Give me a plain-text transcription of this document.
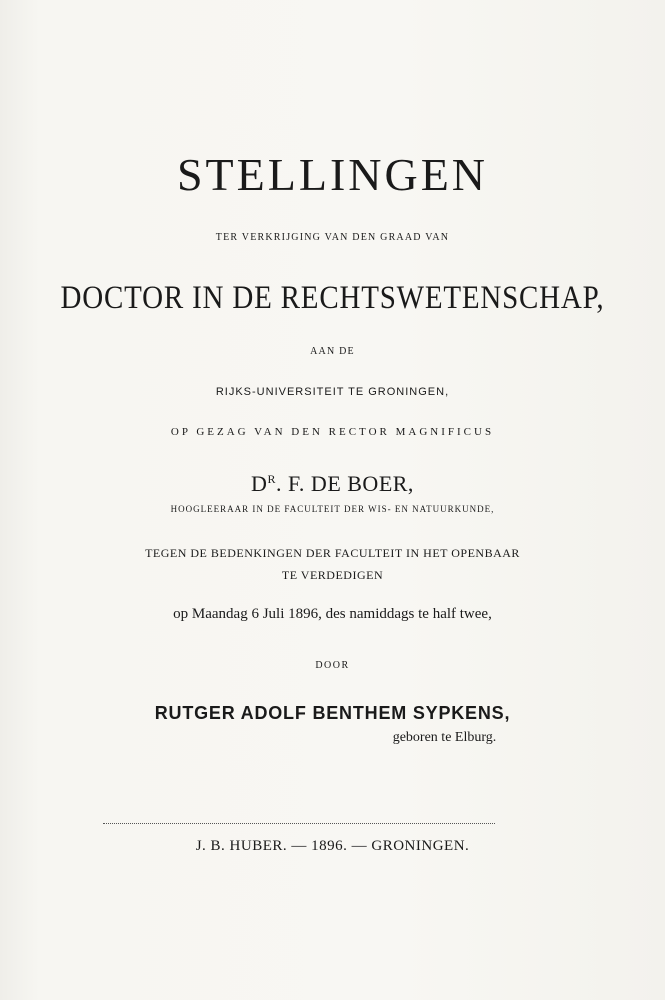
STELLINGEN
TER VERKRIJGING VAN DEN GRAAD VAN
DOCTOR IN DE RECHTSWETENSCHAP,
AAN DE
RIJKS-UNIVERSITEIT TE GRONINGEN,
OP GEZAG VAN DEN RECTOR MAGNIFICUS
$D^R$. F. DE BOER,
HOOGLEERAAR IN DE FACULTEIT DER WIS- EN NATUURKUNDE,
TEGEN DE BEDENKINGEN DER FACULTEIT IN HET OPENBAAR
TE VERDEDIGEN
op Maandag 6 Juli 1896, des namiddags te half twee,
DOOR
RUTGER ADOLF BENTHEM SYPKENS,
geboren te Elburg.
J. B. HUBER. — 1896. — GRONINGEN.
